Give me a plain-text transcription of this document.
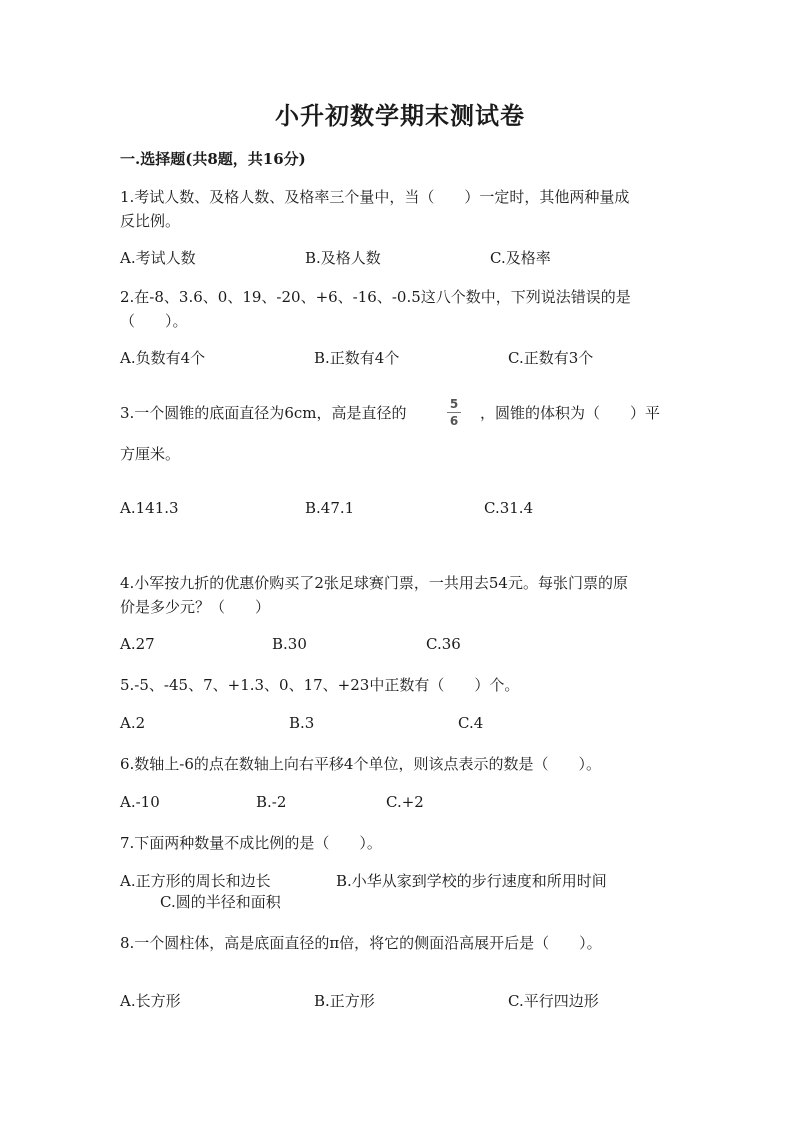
小升初数学期末测试卷
一.选择题(共8题，共16分)
1.考试人数、及格人数、及格率三个量中，当（　　）一定时，其他两种量成
反比例。
A.考试人数	B.及格人数	C.及格率
2.在-8、3.6、0、19、-20、+6、-16、-0.5这八个数中，下列说法错误的是
（　　）。
A.负数有4个	B.正数有4个	C.正数有3个
3.一个圆锥的底面直径为6cm，高是直径的	5
6 ，圆锥的体积为（　　）平
方厘米。
A.141.3	B.47.1	C.31.4
4.小军按九折的优惠价购买了2张足球赛门票，一共用去54元。每张门票的原
价是多少元？（　　）
A.27	B.30	C.36
5.-5、-45、7、+1.3、0、17、+23中正数有（　　）个。
A.2	B.3	C.4
6.数轴上-6的点在数轴上向右平移4个单位，则该点表示的数是（　　）。
A.-10	B.-2	C.+2
7.下面两种数量不成比例的是（　　）。
A.正方形的周长和边长	B.小华从家到学校的步行速度和所用时间
C.圆的半径和面积
8.一个圆柱体，高是底面直径的π倍，将它的侧面沿高展开后是（　　）。
A.长方形	B.正方形	C.平行四边形
